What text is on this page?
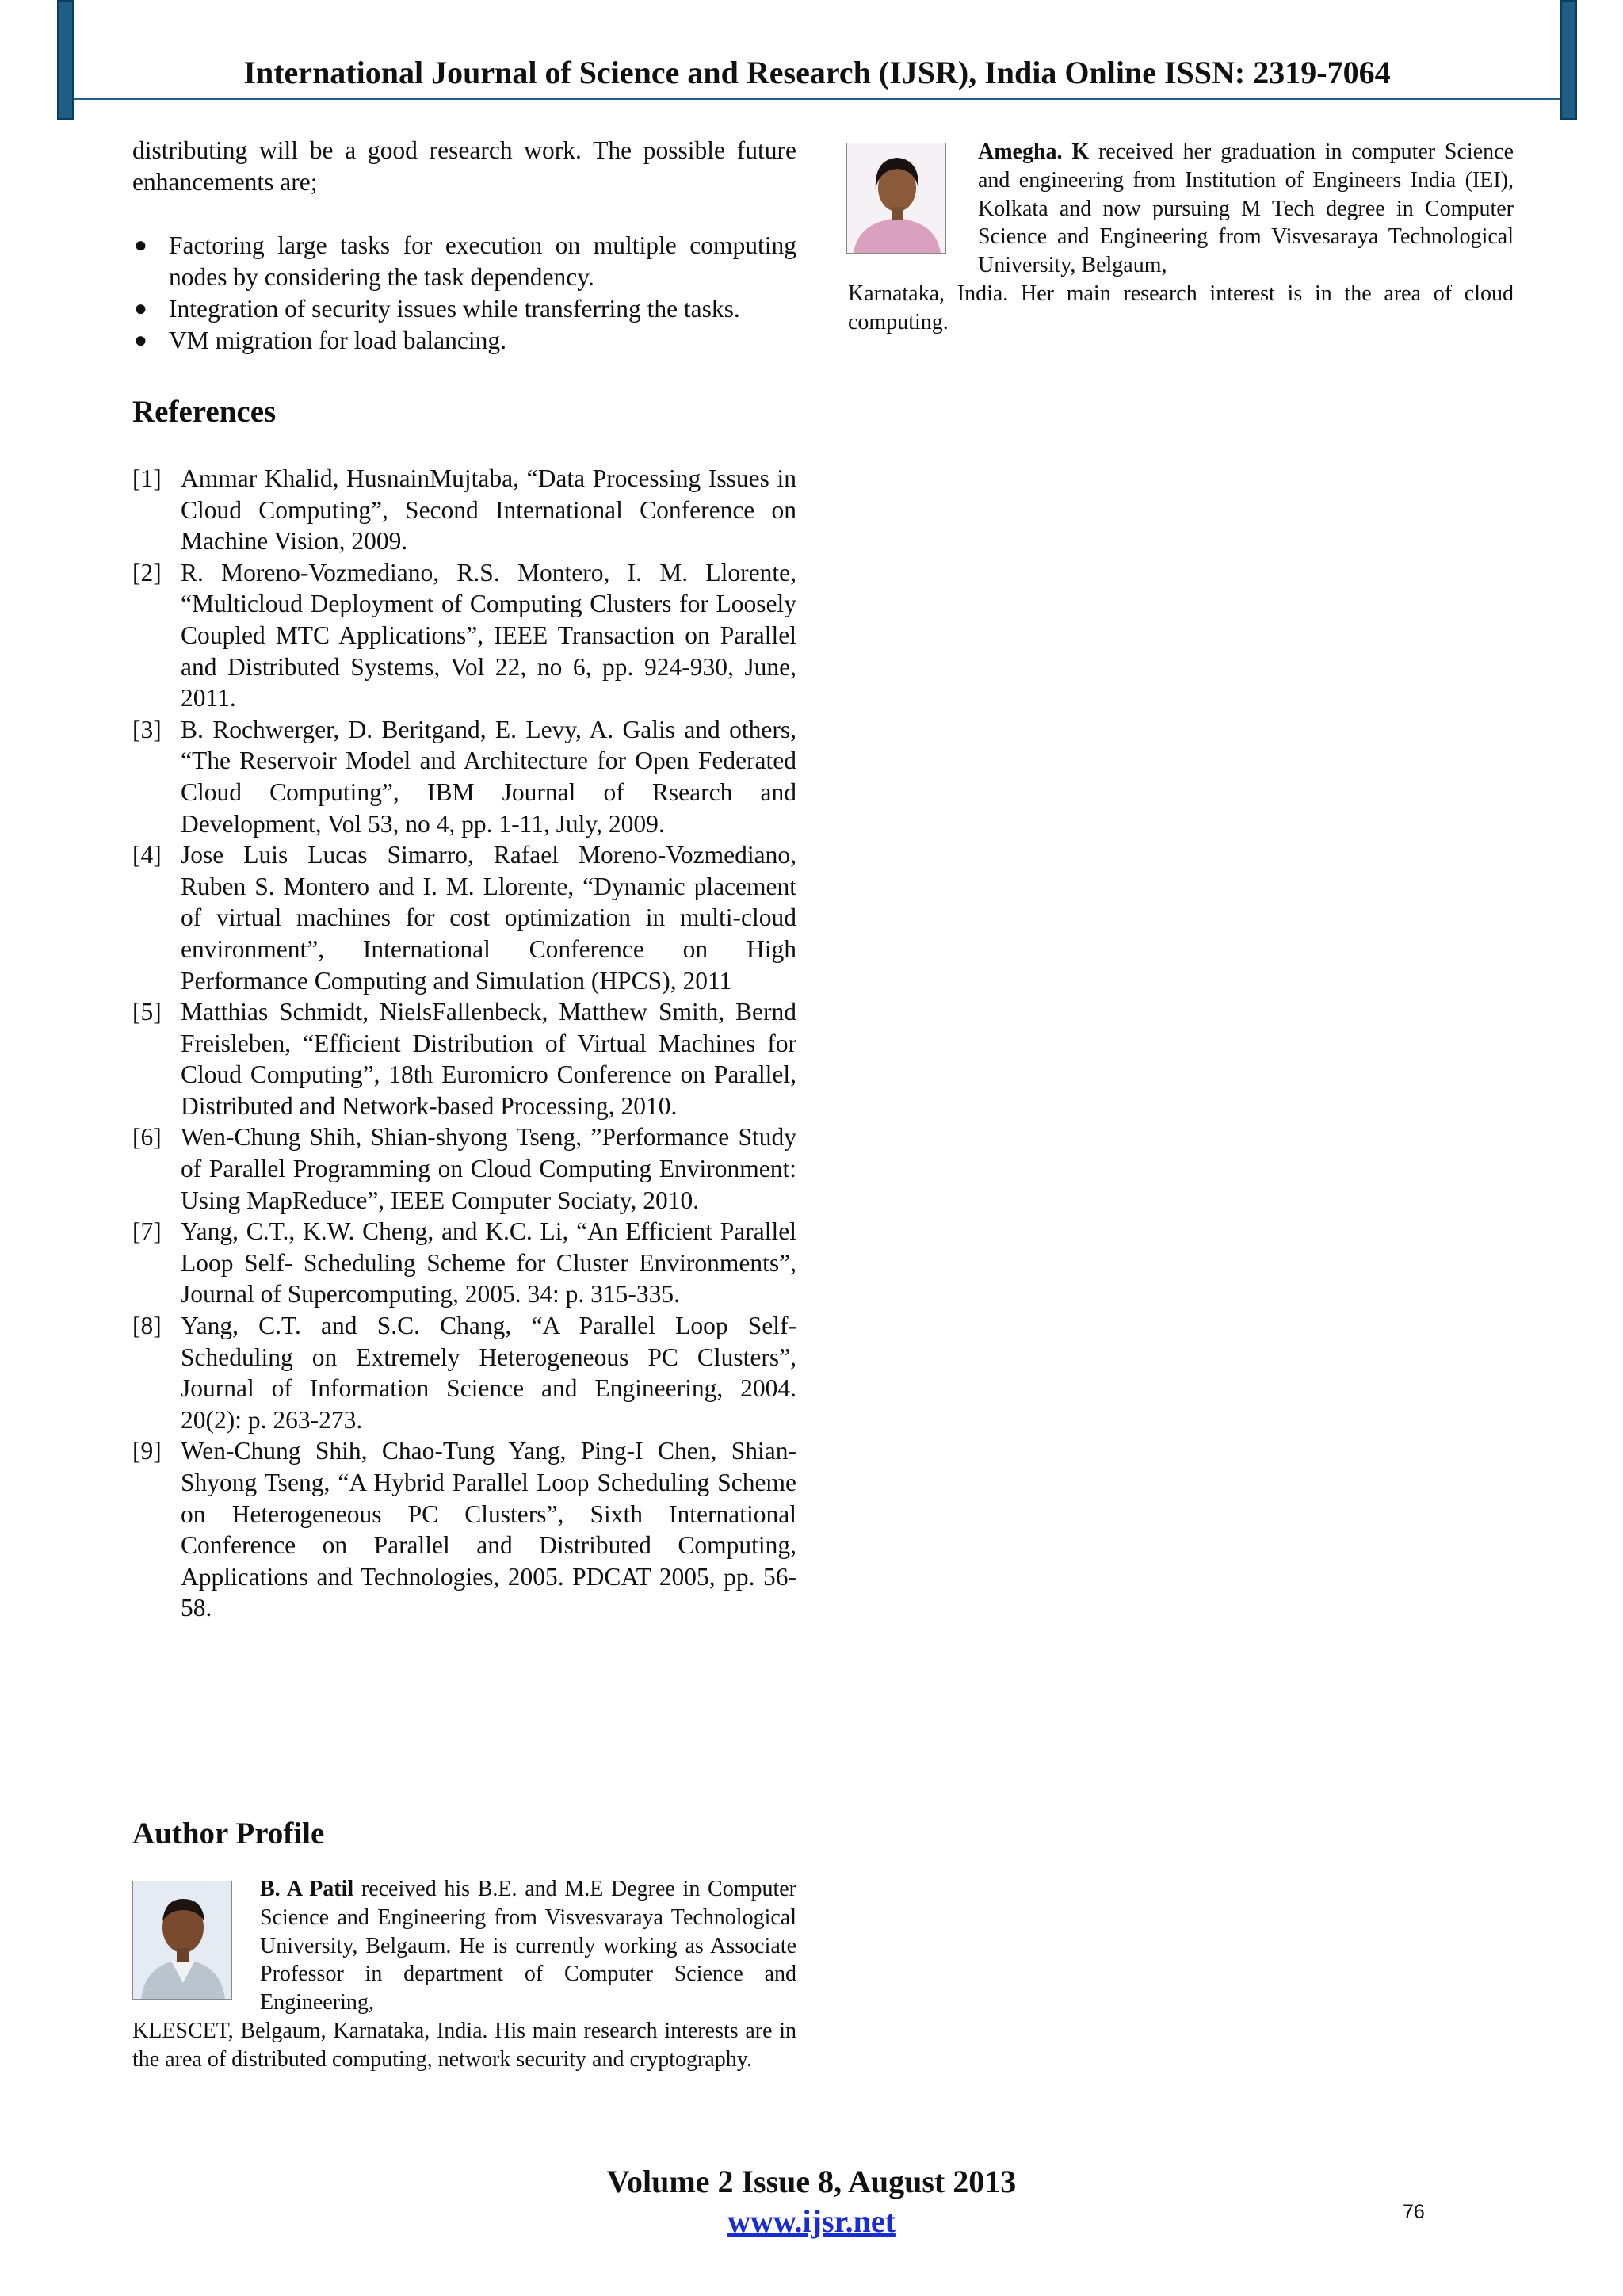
International Journal of Science and Research (IJSR), India Online ISSN: 2319-7064

distributing will be a good research work. The possible future enhancements are;

● Factoring large tasks for execution on multiple computing nodes by considering the task dependency.
● Integration of security issues while transferring the tasks.
● VM migration for load balancing.
References
[1] Ammar Khalid, HusnainMujtaba, “Data Processing Issues in Cloud Computing”, Second International Conference on Machine Vision, 2009.
[2] R. Moreno-Vozmediano, R.S. Montero, I. M. Llorente, “Multicloud Deployment of Computing Clusters for Loosely Coupled MTC Applications”, IEEE Transaction on Parallel and Distributed Systems, Vol 22, no 6, pp. 924-930, June, 2011.
[3] B. Rochwerger, D. Beritgand, E. Levy, A. Galis and others, “The Reservoir Model and Architecture for Open Federated Cloud Computing”, IBM Journal of Rsearch and Development, Vol 53, no 4, pp. 1-11, July, 2009.
[4] Jose Luis Lucas Simarro, Rafael Moreno-Vozmediano, Ruben S. Montero and I. M. Llorente, “Dynamic placement of virtual machines for cost optimization in multi-cloud environment”, International Conference on High Performance Computing and Simulation (HPCS), 2011
[5] Matthias Schmidt, NielsFallenbeck, Matthew Smith, Bernd Freisleben, “Efficient Distribution of Virtual Machines for Cloud Computing”, 18th Euromicro Conference on Parallel, Distributed and Network-based Processing, 2010.
[6] Wen-Chung Shih, Shian-shyong Tseng, ”Performance Study of Parallel Programming on Cloud Computing Environment: Using MapReduce”, IEEE Computer Sociaty, 2010.
[7] Yang, C.T., K.W. Cheng, and K.C. Li, “An Efficient Parallel Loop Self- Scheduling Scheme for Cluster Environments”, Journal of Supercomputing, 2005. 34: p. 315-335.
[8] Yang, C.T. and S.C. Chang, “A Parallel Loop Self-Scheduling on Extremely Heterogeneous PC Clusters”, Journal of Information Science and Engineering, 2004. 20(2): p. 263-273.
[9] Wen-Chung Shih, Chao-Tung Yang, Ping-I Chen, Shian-Shyong Tseng, “A Hybrid Parallel Loop Scheduling Scheme on Heterogeneous PC Clusters”, Sixth International Conference on Parallel and Distributed Computing, Applications and Technologies, 2005. PDCAT 2005, pp. 56-58.
Author Profile

B. A Patil received his B.E. and M.E Degree in Computer Science and Engineering from Visvesvaraya Technological University, Belgaum. He is currently working as Associate Professor in department of Computer Science and Engineering,

KLESCET, Belgaum, Karnataka, India. His main research interests are in the area of distributed computing, network security and cryptography.

Amegha. K received her graduation in computer Science and engineering from Institution of Engineers India (IEI), Kolkata and now pursuing M Tech degree in Computer Science and Engineering from Visvesaraya Technological University, Belgaum,

Karnataka, India. Her main research interest is in the area of cloud computing.

Volume 2 Issue 8, August 2013
www.ijsr.net	76
